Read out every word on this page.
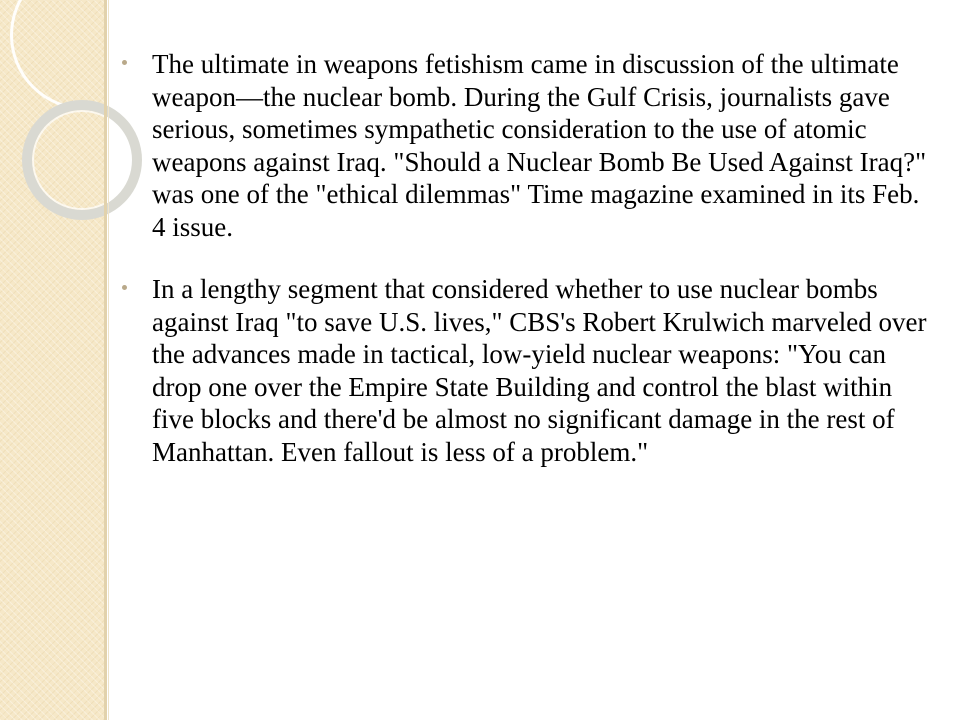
The ultimate in weapons fetishism came in discussion of the ultimate weapon—the nuclear bomb. During the Gulf Crisis, journalists gave serious, sometimes sympathetic consideration to the use of atomic weapons against Iraq. "Should a Nuclear Bomb Be Used Against Iraq?" was one of the "ethical dilemmas" Time magazine examined in its Feb. 4 issue.
In a lengthy segment that considered whether to use nuclear bombs against Iraq "to save U.S. lives," CBS's Robert Krulwich marveled over the advances made in tactical, low-yield nuclear weapons: "You can drop one over the Empire State Building and control the blast within five blocks and there'd be almost no significant damage in the rest of Manhattan. Even fallout is less of a problem."
